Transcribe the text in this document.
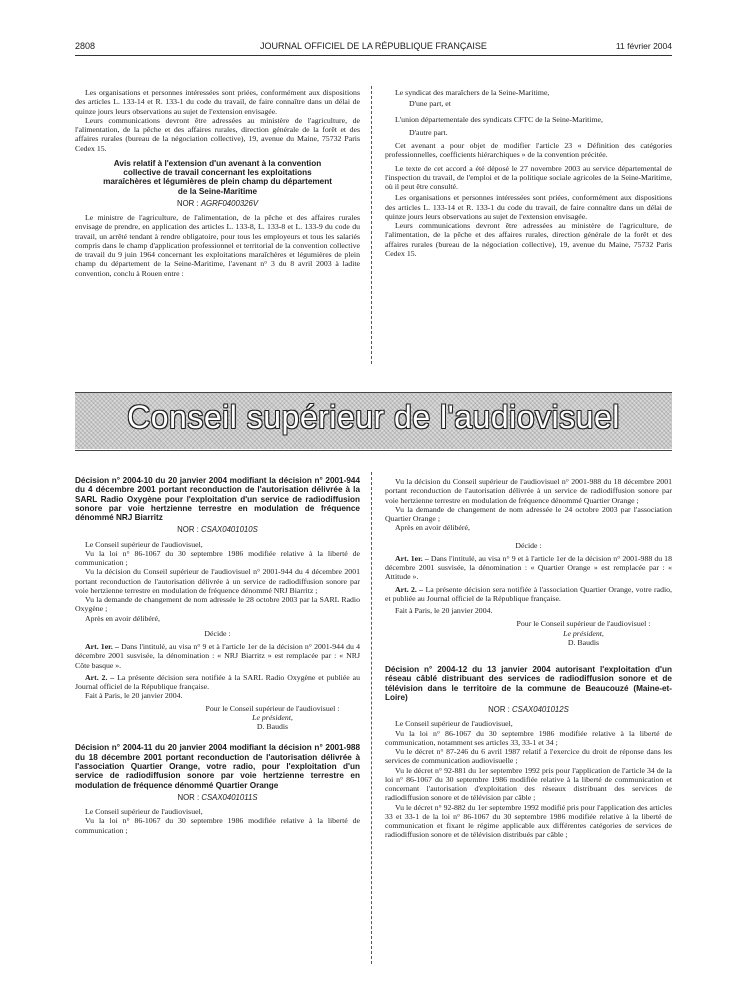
2808	JOURNAL OFFICIEL DE LA RÉPUBLIQUE FRANÇAISE	11 février 2004

Les organisations et personnes intéressées sont priées, conformément aux dispositions des articles L. 133-14 et R. 133-1 du code du travail, de faire connaître dans un délai de quinze jours leurs observations au sujet de l'extension envisagée.

Leurs communications devront être adressées au ministère de l'agriculture, de l'alimentation, de la pêche et des affaires rurales, direction générale de la forêt et des affaires rurales (bureau de la négociation collective), 19, avenue du Maine, 75732 Paris Cedex 15.

Avis relatif à l'extension d'un avenant à la convention collective de travail concernant les exploitations maraîchères et légumières de plein champ du département de la Seine-Maritime
NOR : AGRF0400326V

Le ministre de l'agriculture, de l'alimentation, de la pêche et des affaires rurales envisage de prendre, en application des articles L. 133-8, L. 133-8 et L. 133-9 du code du travail, un arrêté tendant à rendre obligatoire, pour tous les employeurs et tous les salariés compris dans le champ d'application professionnel et territorial de la convention collective de travail du 9 juin 1964 concernant les exploitations maraîchères et légumières de plein champ du département de la Seine-Maritime, l'avenant n° 3 du 8 avril 2003 à ladite convention, conclu à Rouen entre :

Le syndicat des maraîchers de la Seine-Maritime,

D'une part, et

L'union départementale des syndicats CFTC de la Seine-Maritime,

D'autre part.

Cet avenant a pour objet de modifier l'article 23 « Définition des catégories professionnelles, coefficients hiérarchiques » de la convention précitée.

Le texte de cet accord a été déposé le 27 novembre 2003 au service départemental de l'inspection du travail, de l'emploi et de la politique sociale agricoles de la Seine-Maritime, où il peut être consulté.

Les organisations et personnes intéressées sont priées, conformément aux dispositions des articles L. 133-14 et R. 133-1 du code du travail, de faire connaître dans un délai de quinze jours leurs observations au sujet de l'extension envisagée.

Leurs communications devront être adressées au ministère de l'agriculture, de l'alimentation, de la pêche et des affaires rurales, direction générale de la forêt et des affaires rurales (bureau de la négociation collective), 19, avenue du Maine, 75732 Paris Cedex 15.

Conseil supérieur de l'audiovisuel
Décision n° 2004-10 du 20 janvier 2004 modifiant la décision n° 2001-944 du 4 décembre 2001 portant reconduction de l'autorisation délivrée à la SARL Radio Oxygène pour l'exploitation d'un service de radiodiffusion sonore par voie hertzienne terrestre en modulation de fréquence dénommé NRJ Biarritz
NOR : CSAX0401010S

Le Conseil supérieur de l'audiovisuel,

Vu la loi n° 86-1067 du 30 septembre 1986 modifiée relative à la liberté de communication ;

Vu la décision du Conseil supérieur de l'audiovisuel n° 2001-944 du 4 décembre 2001 portant reconduction de l'autorisation délivrée à un service de radiodiffusion sonore par voie hertzienne terrestre en modulation de fréquence dénommé NRJ Biarritz ;

Vu la demande de changement de nom adressée le 28 octobre 2003 par la SARL Radio Oxygène ;

Après en avoir délibéré,

Décide :

Art. 1er. – Dans l'intitulé, au visa n° 9 et à l'article 1er de la décision n° 2001-944 du 4 décembre 2001 susvisée, la dénomination : « NRJ Biarritz » est remplacée par : « NRJ Côte basque ».

Art. 2. – La présente décision sera notifiée à la SARL Radio Oxygène et publiée au Journal officiel de la République française.

Fait à Paris, le 20 janvier 2004.

Pour le Conseil supérieur de l'audiovisuel :

Le président,

D. Baudis

Décision n° 2004-11 du 20 janvier 2004 modifiant la décision n° 2001-988 du 18 décembre 2001 portant reconduction de l'autorisation délivrée à l'association Quartier Orange, votre radio, pour l'exploitation d'un service de radiodiffusion sonore par voie hertzienne terrestre en modulation de fréquence dénommé Quartier Orange
NOR : CSAX0401011S

Le Conseil supérieur de l'audiovisuel,

Vu la loi n° 86-1067 du 30 septembre 1986 modifiée relative à la liberté de communication ;

Vu la décision du Conseil supérieur de l'audiovisuel n° 2001-988 du 18 décembre 2001 portant reconduction de l'autorisation délivrée à un service de radiodiffusion sonore par voie hertzienne terrestre en modulation de fréquence dénommé Quartier Orange ;

Vu la demande de changement de nom adressée le 24 octobre 2003 par l'association Quartier Orange ;

Après en avoir délibéré,

Décide :

Art. 1er. – Dans l'intitulé, au visa n° 9 et à l'article 1er de la décision n° 2001-988 du 18 décembre 2001 susvisée, la dénomination : « Quartier Orange » est remplacée par : « Attitude ».

Art. 2. – La présente décision sera notifiée à l'association Quartier Orange, votre radio, et publiée au Journal officiel de la République française.

Fait à Paris, le 20 janvier 2004.

Pour le Conseil supérieur de l'audiovisuel :

Le président,

D. Baudis

Décision n° 2004-12 du 13 janvier 2004 autorisant l'exploitation d'un réseau câblé distribuant des services de radiodiffusion sonore et de télévision dans le territoire de la commune de Beaucouzé (Maine-et-Loire)
NOR : CSAX0401012S

Le Conseil supérieur de l'audiovisuel,

Vu la loi n° 86-1067 du 30 septembre 1986 modifiée relative à la liberté de communication, notamment ses articles 33, 33-1 et 34 ;

Vu le décret n° 87-246 du 6 avril 1987 relatif à l'exercice du droit de réponse dans les services de communication audiovisuelle ;

Vu le décret n° 92-881 du 1er septembre 1992 pris pour l'application de l'article 34 de la loi n° 86-1067 du 30 septembre 1986 modifiée relative à la liberté de communication et concernant l'autorisation d'exploitation des réseaux distribuant des services de radiodiffusion sonore et de télévision par câble ;

Vu le décret n° 92-882 du 1er septembre 1992 modifié pris pour l'application des articles 33 et 33-1 de la loi n° 86-1067 du 30 septembre 1986 modifiée relative à la liberté de communication et fixant le régime applicable aux différentes catégories de services de radiodiffusion sonore et de télévision distribués par câble ;
